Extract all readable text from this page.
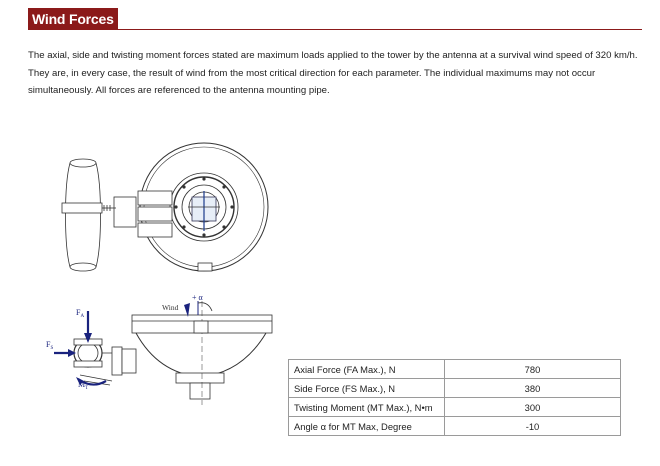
Wind Forces
The axial, side and twisting moment forces stated are maximum loads applied to the tower by the antenna at a survival wind speed of 320 km/h. They are, in every case, the result of wind from the most critical direction for each parameter. The individual maximums may not occur simultaneously. All forces are referenced to the antenna mounting pipe.
$F_A$
$F_S$
$M_T$
Wind
+ α
Axial Force (FA Max.), N	780
Side Force (FS Max.), N	380
Twisting Moment (MT Max.), N•m	300
Angle α for MT Max, Degree	-10
